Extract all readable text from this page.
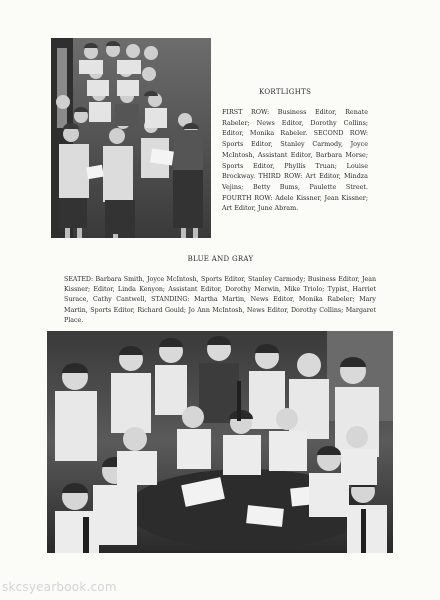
KORTLIGHTS
FIRST ROW: Business Editor, Renate Rabeler; News Editor, Dorothy Collins; Editor, Monika Rabeler. SECOND ROW: Sports Editor, Stanley Carmody, Joyce McIntosh, Assistant Editor, Barbara Morse; Sports Editor, Phyllis Truan; Louise Brockway. THIRD ROW: Art Editor, Mindza Vejins; Betty Bums, Paulette Street. FOURTH ROW: Adele Kissner, Jean Kissner; Art Editor, June Abram.
BLUE AND GRAY
SEATED: Barbara Smith, Joyce McIntosh, Sports Editor, Stanley Carmody; Business Editor, Jean Kissner; Editor, Linda Kenyon; Assistant Editor, Dorothy Merwin, Mike Triolo; Typist, Harriet Surace, Cathy Cantwell, STANDING: Martha Martin, News Editor, Monika Rabeler; Mary Martin, Sports Editor, Richard Gould; Jo Ann McIntosh, News Editor, Dorothy Collins; Margaret Place.
skcsyearbook.com
